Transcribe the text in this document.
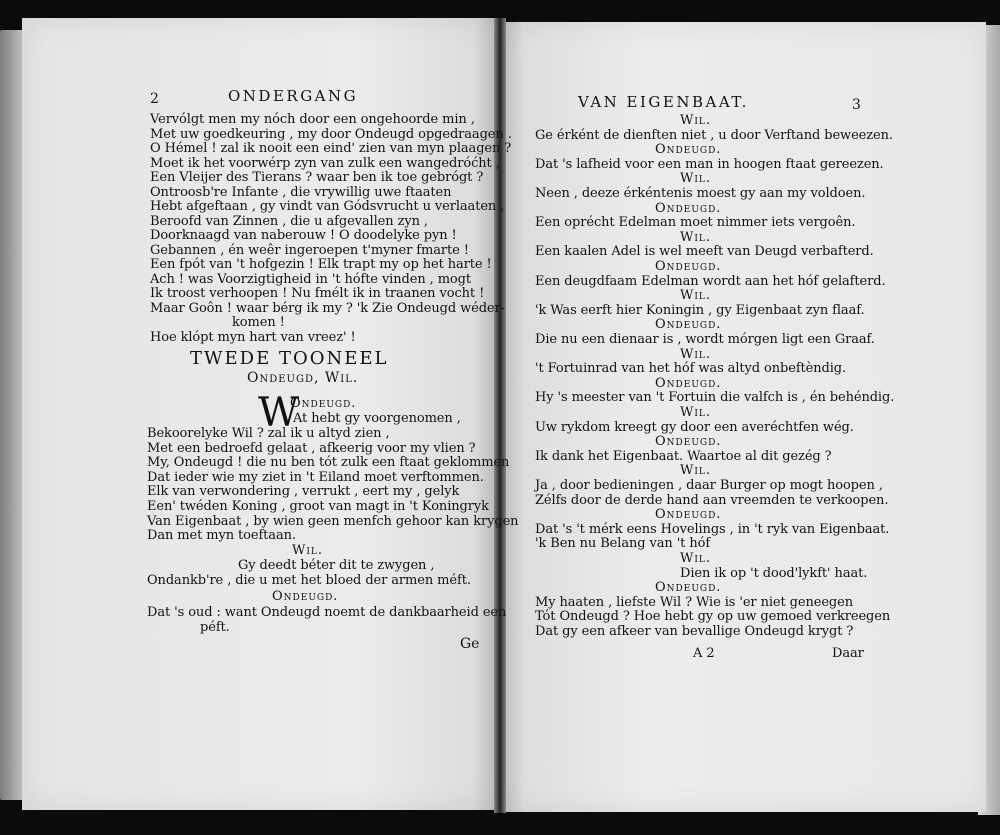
2	ONDERGANG
Vervólgt men my nóch door een ongehoorde min ,
Met uw goedkeuring , my door Ondeugd opgedraagen .
O Hémel ! zal ik nooit een eind' zien van myn plaagen ?
Moet ik het voorwérp zyn van zulk een wangedróćht ,
Een Vleijer des Tierans ? waar ben ik toe gebrógt ?
Ontroosb're Infante , die vrywillig uwe ftaaten
Hebt afgeftaan , gy vindt van Gódsvrucht u verlaaten ,
Beroofd van Zinnen , die u afgevallen zyn ,
Doorknaagd van naberouw ! O doodelyke pyn !
Gebannen , én weêr ingeroepen t'myner fmarte !
Een fpót van 't hofgezin ! Elk trapt my op het harte !
Ach ! was Voorzigtigheid in 't hófte vinden , mogt
Ik troost verhoopen ! Nu fmélt ik in traanen vocht !
Maar Goôn ! waar bérg ik my ? 'k Zie Ondeugd wéder-
komen !
Hoe klópt myn hart van vreez' !
TWEDE TOONEEL
Ondeugd, Wil.
W
Ondeugd.
At hebt gy voorgenomen ,
Bekoorelyke Wil ? zal ik u altyd zien ,
Met een bedroefd gelaat , afkeerig voor my vlien ?
My, Ondeugd ! die nu ben tót zulk een ftaat geklommen
Dat ieder wie my ziet in 't Eiland moet verftommen.
Elk van verwondering , verrukt , eert my , gelyk
Een' twéden Koning , groot van magt in 't Koningryk
Van Eigenbaat , by wien geen menfch gehoor kan krygen
Dan met myn toeftaan.
Wil.
Gy deedt béter dit te zwygen ,
Ondankb're , die u met het bloed der armen méft.
Ondeugd.
Dat 's oud : want Ondeugd noemt de dankbaarheid een
péft.
Ge
VAN EIGENBAAT.	3
Wil.
Ge érként de dienften niet , u door Verftand beweezen.
Ondeugd.
Dat 's lafheid voor een man in hoogen ftaat gereezen.
Wil.
Neen , deeze érkéntenis moest gy aan my voldoen.
Ondeugd.
Een oprécht Edelman moet nimmer iets vergoên.
Wil.
Een kaalen Adel is wel meeft van Deugd verbafterd.
Ondeugd.
Een deugdfaam Edelman wordt aan het hóf gelafterd.
Wil.
'k Was eerft hier Koningin , gy Eigenbaat zyn flaaf.
Ondeugd.
Die nu een dienaar is , wordt mórgen ligt een Graaf.
Wil.
't Fortuinrad van het hóf was altyd onbeftèndig.
Ondeugd.
Hy 's meester van 't Fortuin die valfch is , én behéndig.
Wil.
Uw rykdom kreegt gy door een averéchtfen wég.
Ondeugd.
Ik dank het Eigenbaat. Waartoe al dit gezég ?
Wil.
Ja , door bedieningen , daar Burger op mogt hoopen ,
Zélfs door de derde hand aan vreemden te verkoopen.
Ondeugd.
Dat 's 't mérk eens Hovelings , in 't ryk van Eigenbaat.
'k Ben nu Belang van 't hóf
Wil.
Dien ik op 't dood'lykft' haat.
Ondeugd.
My haaten , liefste Wil ? Wie is 'er niet geneegen
Tót Ondeugd ? Hoe hebt gy op uw gemoed verkreegen
Dat gy een afkeer van bevallige Ondeugd krygt ?
A 2	Daar
